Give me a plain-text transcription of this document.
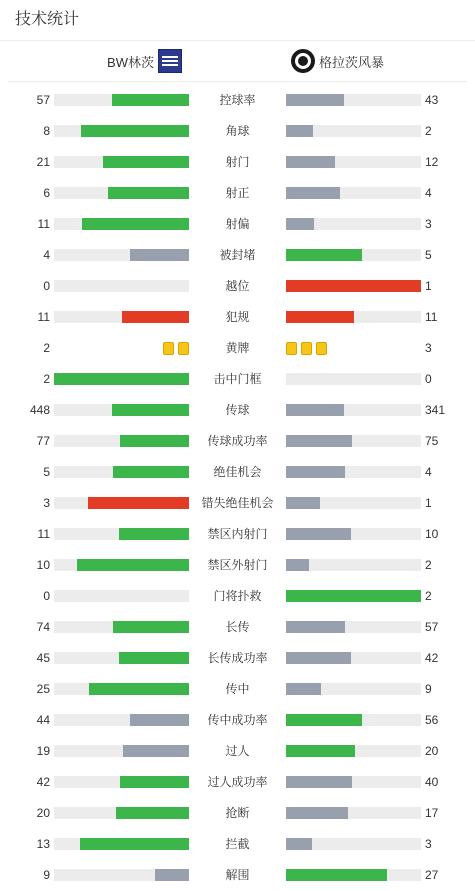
技术统计
BW林茨	格拉茨风暴
57	控球率	43
8	角球	2
21	射门	12
6	射正	4
11	射偏	3
4	被封堵	5
0	越位	1
11	犯规	11
2	黄牌	3
2	击中门框	0
448	传球	341
77	传球成功率	75
5	绝佳机会	4
3	错失绝佳机会	1
11	禁区内射门	10
10	禁区外射门	2
0	门将扑救	2
74	长传	57
45	长传成功率	42
25	传中	9
44	传中成功率	56
19	过人	20
42	过人成功率	40
20	抢断	17
13	拦截	3
9	解围	27
